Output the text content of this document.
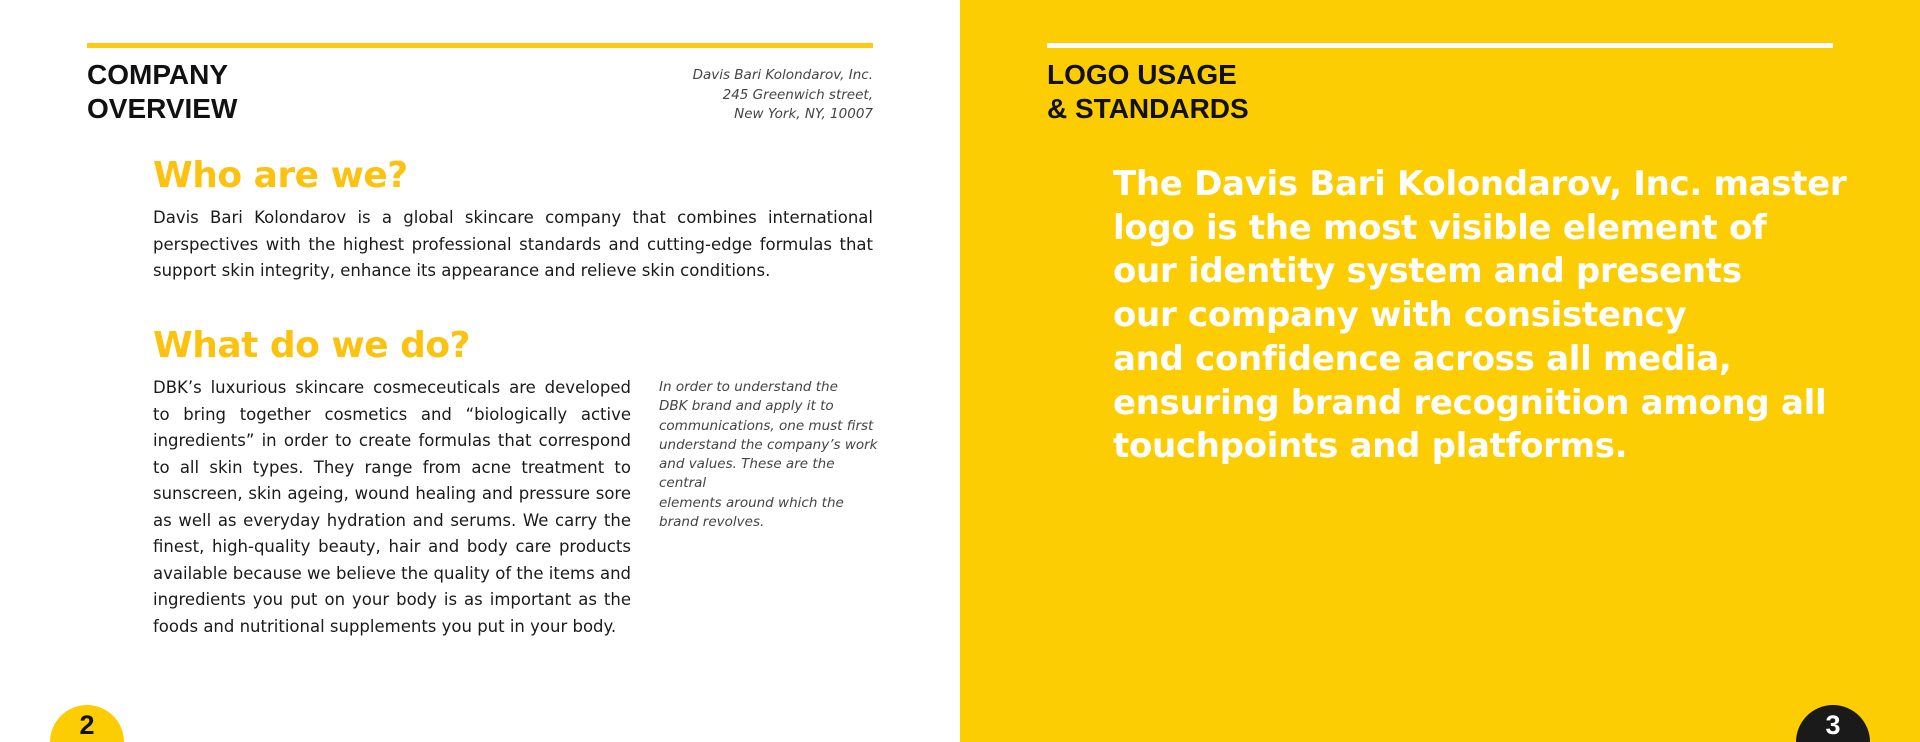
COMPANY
OVERVIEW
Davis Bari Kolondarov, Inc.
245 Greenwich street,
New York, NY, 10007
Who are we?

Davis Bari Kolondarov is a global skincare company that combines international perspectives with the highest professional standards and cutting-edge formulas that support skin integrity, enhance its appearance and relieve skin conditions.

What do we do?

DBK’s luxurious skincare cosmeceuticals are developed to bring together cosmetics and “biologically active ingredients” in order to create formulas that correspond to all skin types. They range from acne treatment to sunscreen, skin ageing, wound healing and pressure sore as well as everyday hydration and serums. We carry the finest, high-quality beauty, hair and body care products available because we believe the quality of the items and ingredients you put on your body is as important as the foods and nutritional supplements you put in your body.

In order to understand the
DBK brand and apply it to
communications, one must first
understand the company’s work
and values. These are the central
elements around which the
brand revolves.

2
LOGO USAGE
& STANDARDS

The Davis Bari Kolondarov, Inc. master
logo is the most visible element of
our identity system and presents
our company with consistency
and confidence across all media,
ensuring brand recognition among all
touchpoints and platforms.

3
